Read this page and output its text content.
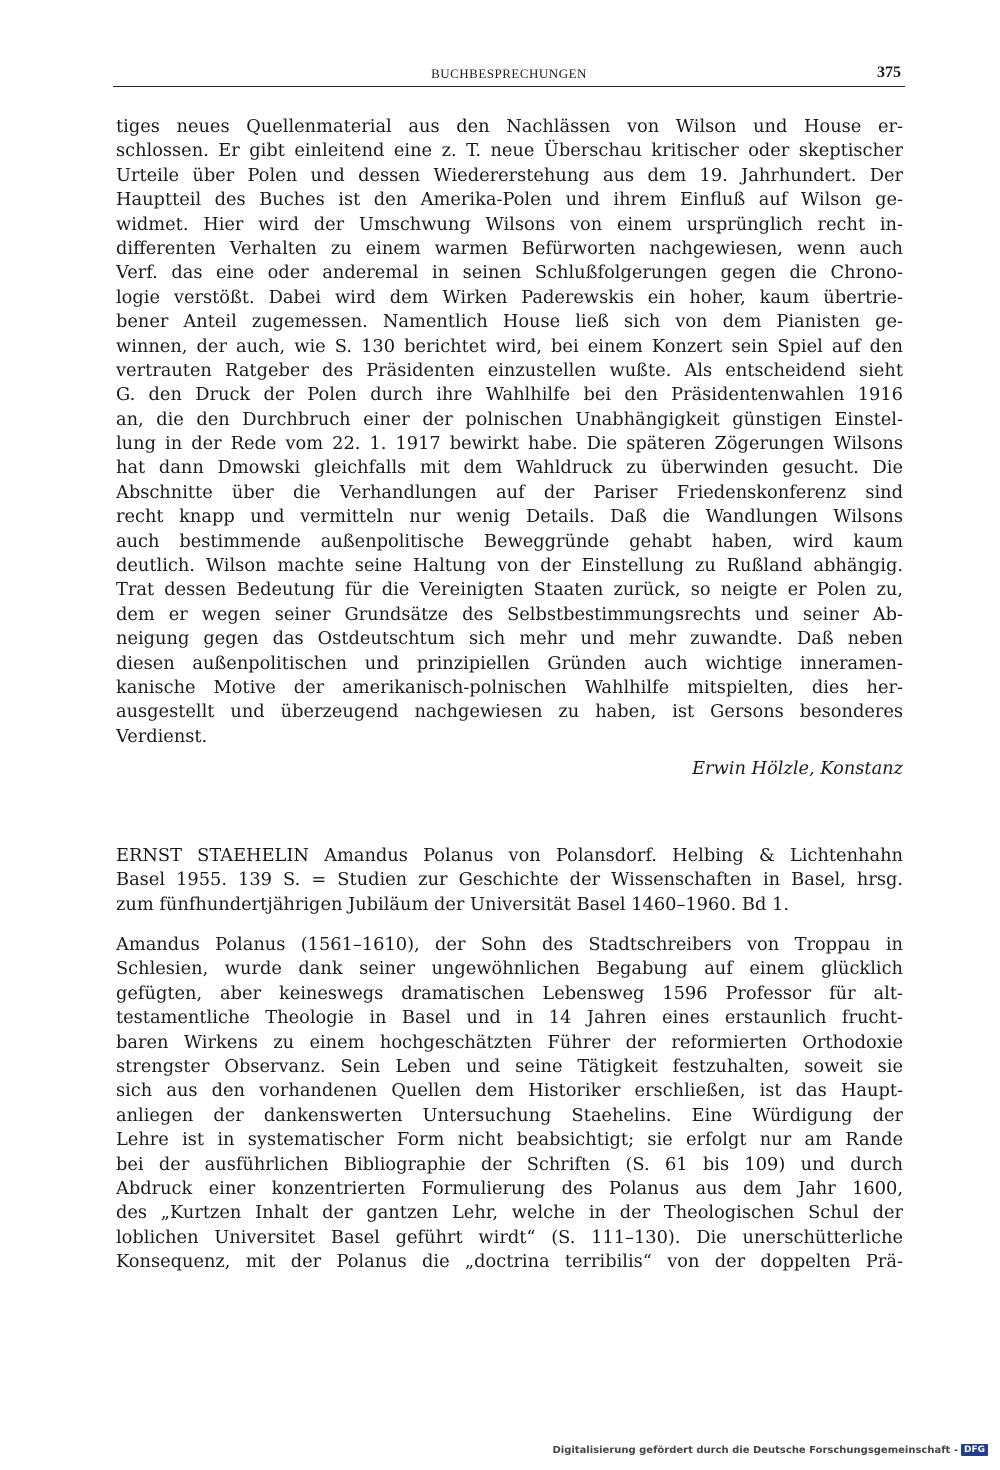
BUCHBESPRECHUNGEN	375
tiges neues Quellenmaterial aus den Nachlässen von Wilson und House er-
schlossen. Er gibt einleitend eine z. T. neue Überschau kritischer oder skeptischer
Urteile über Polen und dessen Wiedererstehung aus dem 19. Jahrhundert. Der
Hauptteil des Buches ist den Amerika-Polen und ihrem Einfluß auf Wilson ge-
widmet. Hier wird der Umschwung Wilsons von einem ursprünglich recht in-
differenten Verhalten zu einem warmen Befürworten nachgewiesen, wenn auch
Verf. das eine oder anderemal in seinen Schlußfolgerungen gegen die Chrono-
logie verstößt. Dabei wird dem Wirken Paderewskis ein hoher, kaum übertrie-
bener Anteil zugemessen. Namentlich House ließ sich von dem Pianisten ge-
winnen, der auch, wie S. 130 berichtet wird, bei einem Konzert sein Spiel auf den
vertrauten Ratgeber des Präsidenten einzustellen wußte. Als entscheidend sieht
G. den Druck der Polen durch ihre Wahlhilfe bei den Präsidentenwahlen 1916
an, die den Durchbruch einer der polnischen Unabhängigkeit günstigen Einstel-
lung in der Rede vom 22. 1. 1917 bewirkt habe. Die späteren Zögerungen Wilsons
hat dann Dmowski gleichfalls mit dem Wahldruck zu überwinden gesucht. Die
Abschnitte über die Verhandlungen auf der Pariser Friedenskonferenz sind
recht knapp und vermitteln nur wenig Details. Daß die Wandlungen Wilsons
auch bestimmende außenpolitische Beweggründe gehabt haben, wird kaum
deutlich. Wilson machte seine Haltung von der Einstellung zu Rußland abhängig.
Trat dessen Bedeutung für die Vereinigten Staaten zurück, so neigte er Polen zu,
dem er wegen seiner Grundsätze des Selbstbestimmungsrechts und seiner Ab-
neigung gegen das Ostdeutschtum sich mehr und mehr zuwandte. Daß neben
diesen außenpolitischen und prinzipiellen Gründen auch wichtige inneramen-
kanische Motive der amerikanisch-polnischen Wahlhilfe mitspielten, dies her-
ausgestellt und überzeugend nachgewiesen zu haben, ist Gersons besonderes
Verdienst.
Erwin Hölzle, Konstanz
ERNST STAEHELIN Amandus Polanus von Polansdorf. Helbing & Lichtenhahn
Basel 1955. 139 S. = Studien zur Geschichte der Wissenschaften in Basel, hrsg.
zum fünfhundertjährigen Jubiläum der Universität Basel 1460–1960. Bd 1.
Amandus Polanus (1561–1610), der Sohn des Stadtschreibers von Troppau in
Schlesien, wurde dank seiner ungewöhnlichen Begabung auf einem glücklich
gefügten, aber keineswegs dramatischen Lebensweg 1596 Professor für alt-
testamentliche Theologie in Basel und in 14 Jahren eines erstaunlich frucht-
baren Wirkens zu einem hochgeschätzten Führer der reformierten Orthodoxie
strengster Observanz. Sein Leben und seine Tätigkeit festzuhalten, soweit sie
sich aus den vorhandenen Quellen dem Historiker erschließen, ist das Haupt-
anliegen der dankenswerten Untersuchung Staehelins. Eine Würdigung der
Lehre ist in systematischer Form nicht beabsichtigt; sie erfolgt nur am Rande
bei der ausführlichen Bibliographie der Schriften (S. 61 bis 109) und durch
Abdruck einer konzentrierten Formulierung des Polanus aus dem Jahr 1600,
des „Kurtzen Inhalt der gantzen Lehr, welche in der Theologischen Schul der
loblichen Universitet Basel geführt wirdt“ (S. 111–130). Die unerschütterliche
Konsequenz, mit der Polanus die „doctrina terribilis“ von der doppelten Prä-
Digitalisierung gefördert durch die Deutsche Forschungsgemeinschaft - DFG
